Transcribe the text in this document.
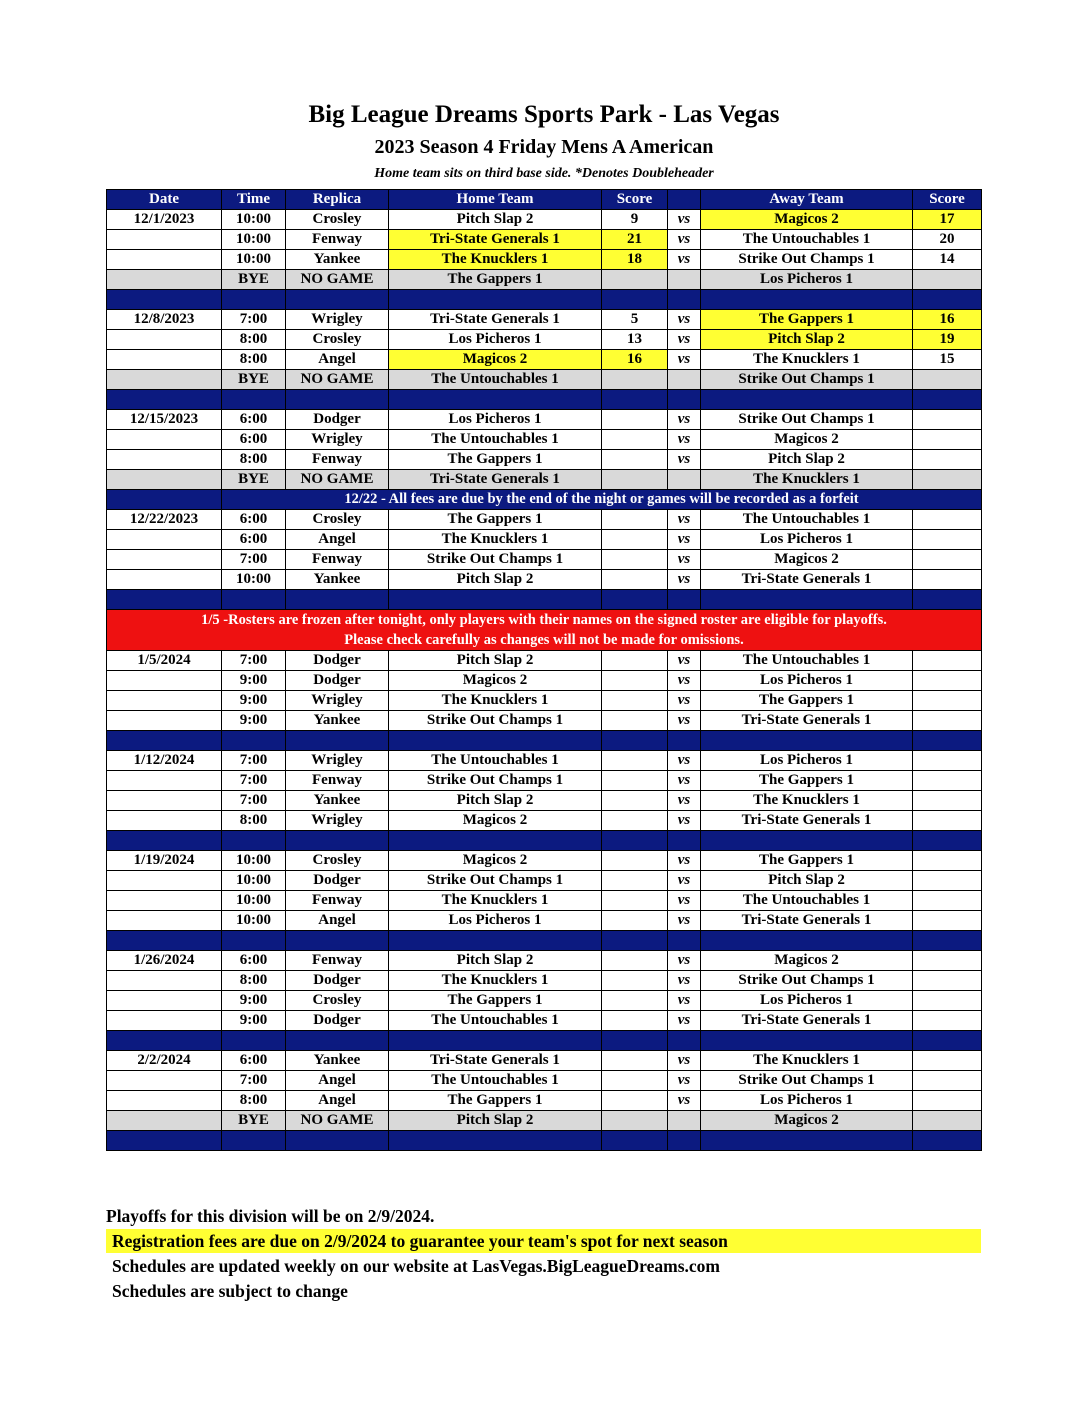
Big League Dreams Sports Park - Las Vegas
2023 Season 4 Friday Mens A American
Home team sits on third base side. *Denotes Doubleheader
Date	Time	Replica	Home Team	Score		Away Team	Score
12/1/2023	10:00	Crosley	Pitch Slap 2	9	vs	Magicos 2	17
	10:00	Fenway	Tri-State Generals 1	21	vs	The Untouchables 1	20
	10:00	Yankee	The Knucklers 1	18	vs	Strike Out Champs 1	14
	BYE	NO GAME	The Gappers 1			Los Picheros 1	

12/8/2023	7:00	Wrigley	Tri-State Generals 1	5	vs	The Gappers 1	16
	8:00	Crosley	Los Picheros 1	13	vs	Pitch Slap 2	19
	8:00	Angel	Magicos 2	16	vs	The Knucklers 1	15
	BYE	NO GAME	The Untouchables 1			Strike Out Champs 1	

12/15/2023	6:00	Dodger	Los Picheros 1		vs	Strike Out Champs 1	
	6:00	Wrigley	The Untouchables 1		vs	Magicos 2	
	8:00	Fenway	The Gappers 1		vs	Pitch Slap 2	
	BYE	NO GAME	Tri-State Generals 1			The Knucklers 1	
	12/22 - All fees are due by the end of the night or games will be recorded as a forfeit						
12/22/2023	6:00	Crosley	The Gappers 1		vs	The Untouchables 1	
	6:00	Angel	The Knucklers 1		vs	Los Picheros 1	
	7:00	Fenway	Strike Out Champs 1		vs	Magicos 2	
	10:00	Yankee	Pitch Slap 2		vs	Tri-State Generals 1	

1/5 -Rosters are frozen after tonight, only players with their names on the signed roster are eligible for playoffs.
Please check carefully as changes will not be made for omissions.							

1/5/2024	7:00	Dodger	Pitch Slap 2		vs	The Untouchables 1	
	9:00	Dodger	Magicos 2		vs	Los Picheros 1	
	9:00	Wrigley	The Knucklers 1		vs	The Gappers 1	
	9:00	Yankee	Strike Out Champs 1		vs	Tri-State Generals 1	

1/12/2024	7:00	Wrigley	The Untouchables 1		vs	Los Picheros 1	
	7:00	Fenway	Strike Out Champs 1		vs	The Gappers 1	
	7:00	Yankee	Pitch Slap 2		vs	The Knucklers 1	
	8:00	Wrigley	Magicos 2		vs	Tri-State Generals 1	

1/19/2024	10:00	Crosley	Magicos 2		vs	The Gappers 1	
	10:00	Dodger	Strike Out Champs 1		vs	Pitch Slap 2	
	10:00	Fenway	The Knucklers 1		vs	The Untouchables 1	
	10:00	Angel	Los Picheros 1		vs	Tri-State Generals 1	

1/26/2024	6:00	Fenway	Pitch Slap 2		vs	Magicos 2	
	8:00	Dodger	The Knucklers 1		vs	Strike Out Champs 1	
	9:00	Crosley	The Gappers 1		vs	Los Picheros 1	
	9:00	Dodger	The Untouchables 1		vs	Tri-State Generals 1	

2/2/2024	6:00	Yankee	Tri-State Generals 1		vs	The Knucklers 1	
	7:00	Angel	The Untouchables 1		vs	Strike Out Champs 1	
	8:00	Angel	The Gappers 1		vs	Los Picheros 1	
	BYE	NO GAME	Pitch Slap 2			Magicos 2	

Playoffs for this division will be on 2/9/2024.
Registration fees are due on 2/9/2024 to guarantee your team's spot for next season
Schedules are updated weekly on our website at LasVegas.BigLeagueDreams.com
Schedules are subject to change
